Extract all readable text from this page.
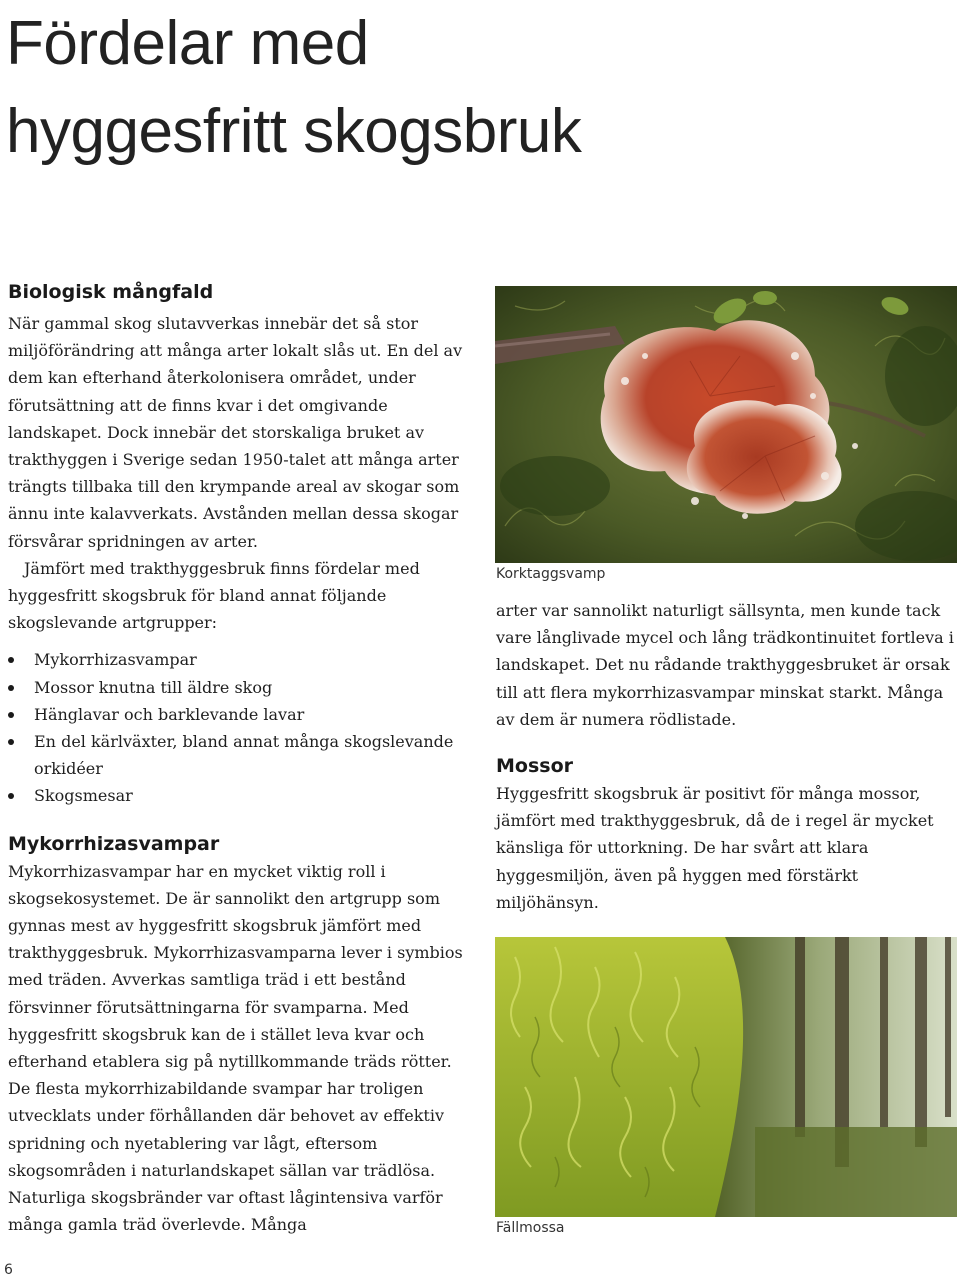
Fördelar med
hyggesfritt skogsbruk
Biologisk mångfald

När gammal skog slutavverkas innebär det så stor miljöförändring att många arter lokalt slås ut. En del av dem kan efterhand återkolonisera området, under förutsättning att de finns kvar i det omgivande landskapet. Dock innebär det storskaliga bruket av trakthyggen i Sverige sedan 1950-talet att många arter trängts tillbaka till den krympande areal av skogar som ännu inte kalavverkats. Avstånden mellan dessa skogar försvårar spridningen av arter.

Jämfört med trakthyggesbruk finns fördelar med hyggesfritt skogsbruk för bland annat följande skogslevande artgrupper:

Mykorrhizasvampar
Mossor knutna till äldre skog
Hänglavar och barklevande lavar
En del kärlväxter, bland annat många skogslevande orkidéer
Skogsmesar
Mykorrhizasvampar

Mykorrhizasvampar har en mycket viktig roll i skogsekosystemet. De är sannolikt den artgrupp som gynnas mest av hyggesfritt skogsbruk jämfört med trakthyggesbruk. Mykorrhizasvamparna lever i symbios med träden. Avverkas samtliga träd i ett bestånd försvinner förutsättningarna för svamparna. Med hyggesfritt skogsbruk kan de i stället leva kvar och efterhand etablera sig på nytillkommande träds rötter. De flesta mykorrhizabildande svampar har troligen utvecklats under förhållanden där behovet av effektiv spridning och nyetablering var lågt, eftersom skogsområden i naturlandskapet sällan var trädlösa. Naturliga skogsbränder var oftast lågintensiva varför många gamla träd överlevde. Många

Korktaggsvamp

arter var sannolikt naturligt sällsynta, men kunde tack vare långlivade mycel och lång trädkontinuitet fortleva i landskapet. Det nu rådande trakthyggesbruket är orsak till att flera mykorrhizasvampar minskat starkt. Många av dem är numera rödlistade.

Mossor

Hyggesfritt skogsbruk är positivt för många mossor, jämfört med trakthyggesbruk, då de i regel är mycket känsliga för uttorkning. De har svårt att klara hyggesmiljön, även på hyggen med förstärkt miljöhänsyn.

Fällmossa
6
